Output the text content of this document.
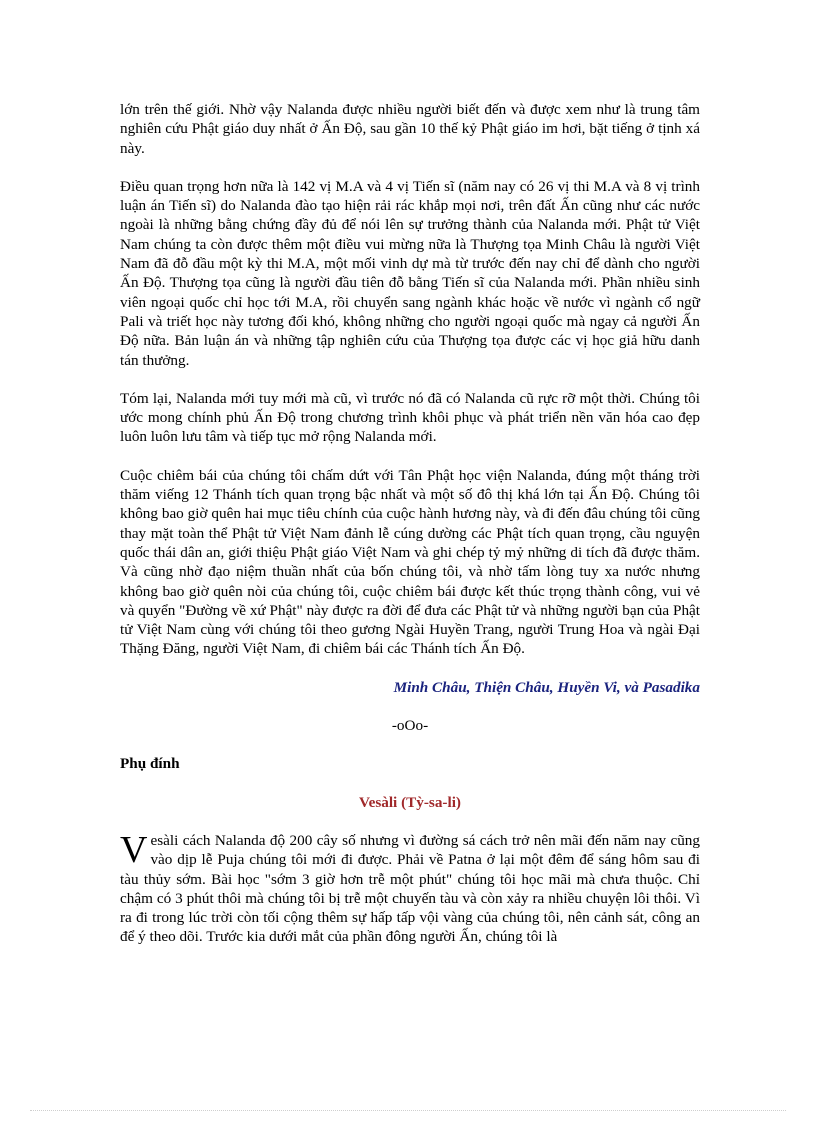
lớn trên thế giới. Nhờ vậy Nalanda được nhiều người biết đến và được xem như là trung tâm nghiên cứu Phật giáo duy nhất ở Ấn Độ, sau gần 10 thế kỷ Phật giáo im hơi, bặt tiếng ở tịnh xá này.

Điều quan trọng hơn nữa là 142 vị M.A và 4 vị Tiến sĩ (năm nay có 26 vị thi M.A và 8 vị trình luận án Tiến sĩ) do Nalanda đào tạo hiện rải rác khắp mọi nơi, trên đất Ấn cũng như các nước ngoài là những bằng chứng đầy đủ để nói lên sự trưởng thành của Nalanda mới. Phật tử Việt Nam chúng ta còn được thêm một điều vui mừng nữa là Thượng tọa Minh Châu là người Việt Nam đã đỗ đầu một kỳ thi M.A, một mối vinh dự mà từ trước đến nay chỉ để dành cho người Ấn Độ. Thượng tọa cũng là người đầu tiên đỗ bằng Tiến sĩ của Nalanda mới. Phần nhiều sinh viên ngoại quốc chỉ học tới M.A, rồi chuyển sang ngành khác hoặc về nước vì ngành cổ ngữ Pali và triết học này tương đối khó, không những cho người ngoại quốc mà ngay cả người Ấn Độ nữa. Bản luận án và những tập nghiên cứu của Thượng tọa được các vị học giả hữu danh tán thưởng.

Tóm lại, Nalanda mới tuy mới mà cũ, vì trước nó đã có Nalanda cũ rực rỡ một thời. Chúng tôi ước mong chính phủ Ấn Độ trong chương trình khôi phục và phát triển nền văn hóa cao đẹp luôn luôn lưu tâm và tiếp tục mở rộng Nalanda mới.

Cuộc chiêm bái của chúng tôi chấm dứt với Tân Phật học viện Nalanda, đúng một tháng trời thăm viếng 12 Thánh tích quan trọng bậc nhất và một số đô thị khá lớn tại Ấn Độ. Chúng tôi không bao giờ quên hai mục tiêu chính của cuộc hành hương này, và đi đến đâu chúng tôi cũng thay mặt toàn thể Phật tử Việt Nam đảnh lễ cúng dường các Phật tích quan trọng, cầu nguyện quốc thái dân an, giới thiệu Phật giáo Việt Nam và ghi chép tỷ mỷ những di tích đã được thăm. Và cũng nhờ đạo niệm thuần nhất của bốn chúng tôi, và nhờ tấm lòng tuy xa nước nhưng không bao giờ quên nòi của chúng tôi, cuộc chiêm bái được kết thúc trọng thành công, vui vẻ và quyển "Đường về xứ Phật" này được ra đời để đưa các Phật tử và những người bạn của Phật tử Việt Nam cùng với chúng tôi theo gương Ngài Huyền Trang, người Trung Hoa và ngài Đại Thặng Đăng, người Việt Nam, đi chiêm bái các Thánh tích Ấn Độ.

Minh Châu, Thiện Châu, Huyền Vi, và Pasadika
-oOo-
Phụ đính
Vesàli (Tỳ-sa-li)

Vesàli cách Nalanda độ 200 cây số nhưng vì đường sá cách trở nên mãi đến năm nay cũng vào dịp lễ Puja chúng tôi mới đi được. Phải về Patna ở lại một đêm để sáng hôm sau đi tàu thủy sớm. Bài học "sớm 3 giờ hơn trễ một phút" chúng tôi học mãi mà chưa thuộc. Chỉ chậm có 3 phút thôi mà chúng tôi bị trễ một chuyến tàu và còn xảy ra nhiều chuyện lôi thôi. Vì ra đi trong lúc trời còn tối cộng thêm sự hấp tấp vội vàng của chúng tôi, nên cảnh sát, công an để ý theo dõi. Trước kia dưới mắt của phần đông người Ấn, chúng tôi là
